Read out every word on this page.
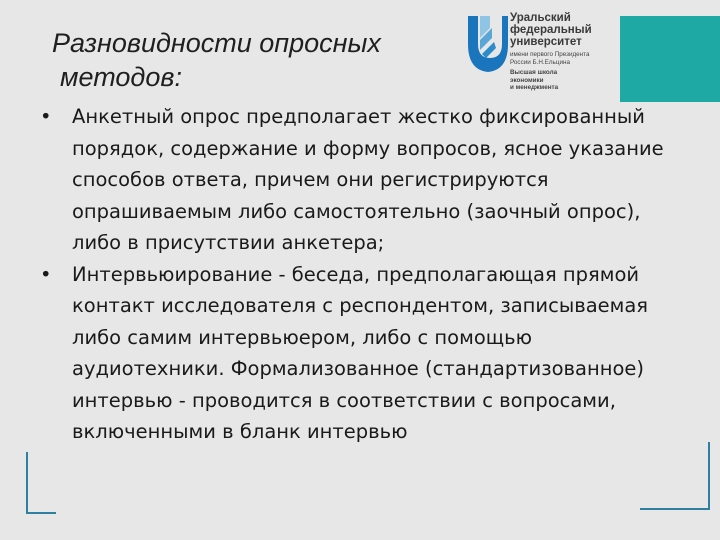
Разновидности опросных
методов:
Уральский
федеральный
университет
имени первого Президента
России Б.Н.Ельцина
Высшая школа
экономики
и менеджмента
• Анкетный опрос предполагает жестко фиксированный порядок, содержание и форму вопросов, ясное указание способов ответа, причем они регистрируются опрашиваемым либо самостоятельно (заочный опрос), либо в присутствии анкетера;
• Интервьюирование - беседа, предполагающая прямой контакт исследователя с респондентом, записываемая либо самим интервьюером, либо с помощью аудиотехники. Формализованное (стандартизованное) интервью - проводится в соответствии с вопросами, включенными в бланк интервью
